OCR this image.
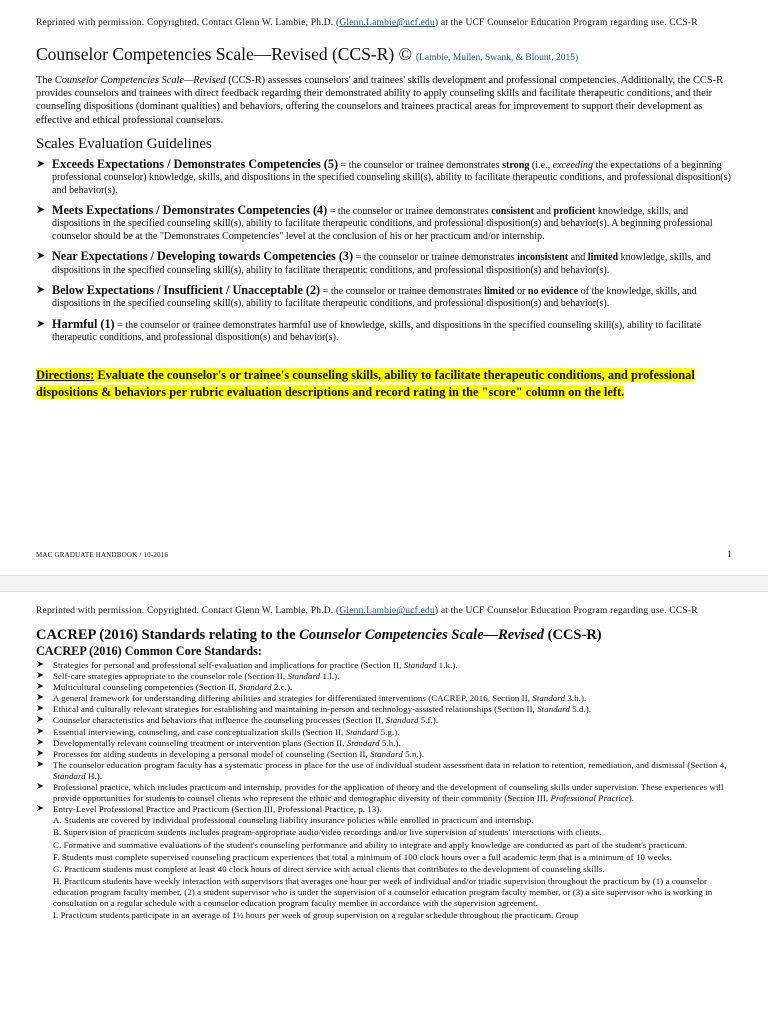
Reprinted with permission. Copyrighted. Contact Glenn W. Lambie, Ph.D. (Glenn.Lambie@ucf.edu) at the UCF Counselor Education Program regarding use. CCS-R
Counselor Competencies Scale—Revised (CCS-R) © (Lambie, Mullen, Swank, & Blount, 2015)
The Counselor Competencies Scale—Revised (CCS-R) assesses counselors' and trainees' skills development and professional competencies. Additionally, the CCS-R provides counselors and trainees with direct feedback regarding their demonstrated ability to apply counseling skills and facilitate therapeutic conditions, and their counseling dispositions (dominant qualities) and behaviors, offering the counselors and trainees practical areas for improvement to support their development as effective and ethical professional counselors.
Scales Evaluation Guidelines
➤ Exceeds Expectations / Demonstrates Competencies (5) = the counselor or trainee demonstrates strong (i.e., exceeding the expectations of a beginning professional counselor) knowledge, skills, and dispositions in the specified counseling skill(s), ability to facilitate therapeutic conditions, and professional disposition(s) and behavior(s).
➤ Meets Expectations / Demonstrates Competencies (4) = the counselor or trainee demonstrates consistent and proficient knowledge, skills, and dispositions in the specified counseling skill(s), ability to facilitate therapeutic conditions, and professional disposition(s) and behavior(s). A beginning professional counselor should be at the "Demonstrates Competencies" level at the conclusion of his or her practicum and/or internship.
➤ Near Expectations / Developing towards Competencies (3) = the counselor or trainee demonstrates inconsistent and limited knowledge, skills, and dispositions in the specified counseling skill(s), ability to facilitate therapeutic conditions, and professional disposition(s) and behavior(s).
➤ Below Expectations / Insufficient / Unacceptable (2) = the counselor or trainee demonstrates limited or no evidence of the knowledge, skills, and dispositions in the specified counseling skill(s), ability to facilitate therapeutic conditions, and professional disposition(s) and behavior(s).
➤ Harmful (1) = the counselor or trainee demonstrates harmful use of knowledge, skills, and dispositions in the specified counseling skill(s), ability to facilitate therapeutic conditions, and professional disposition(s) and behavior(s).
Directions: Evaluate the counselor's or trainee's counseling skills, ability to facilitate therapeutic conditions, and professional dispositions & behaviors per rubric evaluation descriptions and record rating in the "score" column on the left.
MAC GRADUATE HANDBOOK / 10-2016	1
Reprinted with permission. Copyrighted. Contact Glenn W. Lambie, Ph.D. (Glenn.Lambie@ucf.edu) at the UCF Counselor Education Program regarding use. CCS-R
CACREP (2016) Standards relating to the Counselor Competencies Scale—Revised (CCS-R)
CACREP (2016) Common Core Standards:
➤ Strategies for personal and professional self-evaluation and implications for practice (Section II, Standard 1.k.).
➤ Self-care strategies appropriate to the counselor role (Section II, Standard 1.l.).
➤ Multicultural counseling competencies (Section II, Standard 2.c.).
➤ A general framework for understanding differing abilities and strategies for differentiated interventions (CACREP, 2016, Section II, Standard 3.h.).
➤ Ethical and culturally relevant strategies for establishing and maintaining in-person and technology-assisted relationships (Section II, Standard 5.d.).
➤ Counselor characteristics and behaviors that influence the counseling processes (Section II, Standard 5.f.).
➤ Essential interviewing, counseling, and case conceptualization skills (Section II, Standard 5.g.).
➤ Developmentally relevant counseling treatment or intervention plans (Section II, Standard 5.h.).
➤ Processes for aiding students in developing a personal model of counseling (Section II, Standard 5.n.).
➤ The counselor education program faculty has a systematic process in place for the use of individual student assessment data in relation to retention, remediation, and dismissal (Section 4, Standard H.).
➤ Professional practice, which includes practicum and internship, provides for the application of theory and the development of counseling skills under supervision. These experiences will provide opportunities for students to counsel clients who represent the ethnic and demographic diversity of their community (Section III, Professional Practice).
➤ Entry-Level Professional Practice and Practicum (Section III, Professional Practice, p. 13).
A. Students are covered by individual professional counseling liability insurance policies while enrolled in practicum and internship.
B. Supervision of practicum students includes program-appropriate audio/video recordings and/or live supervision of students' interactions with clients.
C. Formative and summative evaluations of the student's counseling performance and ability to integrate and apply knowledge are conducted as part of the student's practicum.
F. Students must complete supervised counseling practicum experiences that total a minimum of 100 clock hours over a full academic term that is a minimum of 10 weeks.
G. Practicum students must complete at least 40 clock hours of direct service with actual clients that contributes to the development of counseling skills.
H. Practicum students have weekly interaction with supervisors that averages one hour per week of individual and/or triadic supervision throughout the practicum by (1) a counselor education program faculty member, (2) a student supervisor who is under the supervision of a counselor education program faculty member, or (3) a site supervisor who is working in consultation on a regular schedule with a counselor education program faculty member in accordance with the supervision agreement.
I. Practicum students participate in an average of 1½ hours per week of group supervision on a regular schedule throughout the practicum. Group
